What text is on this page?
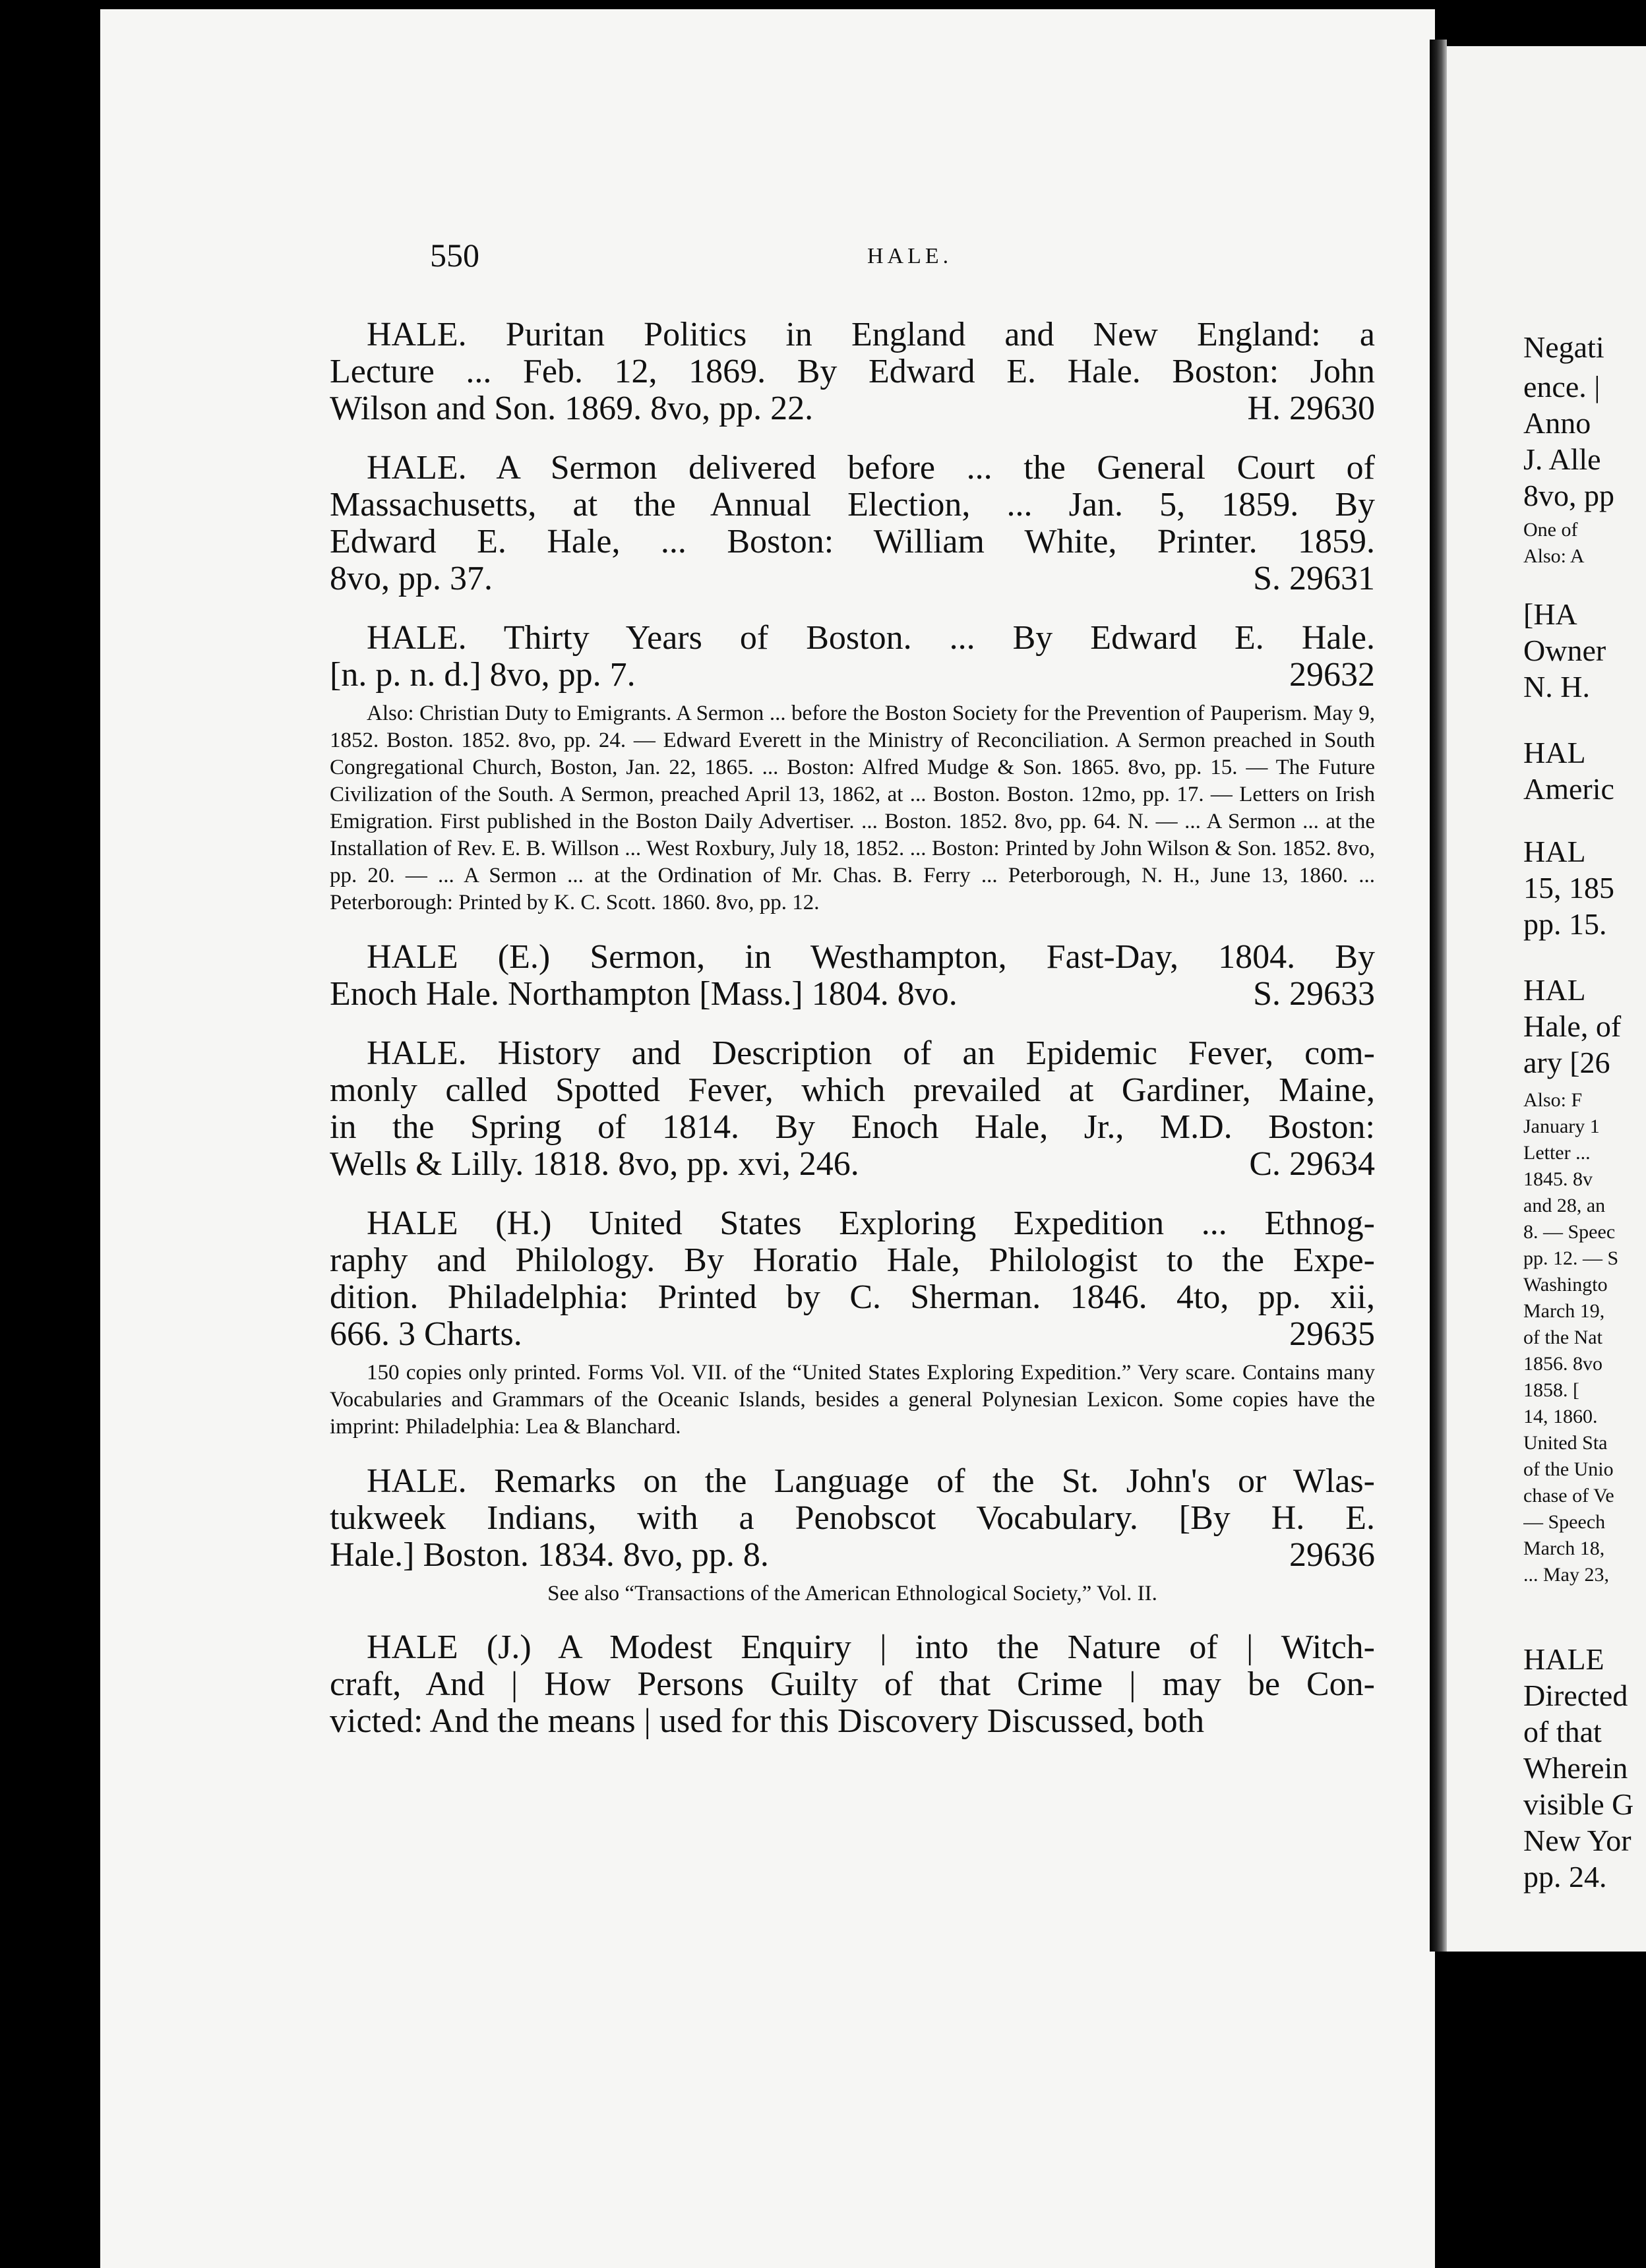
550	HALE.
HALE. Puritan Politics in England and New England: a
Lecture ... Feb. 12, 1869. By Edward E. Hale. Boston: John
Wilson and Son. 1869. 8vo, pp. 22.	H. 29630
HALE. A Sermon delivered before ... the General Court of
Massachusetts, at the Annual Election, ... Jan. 5, 1859. By
Edward E. Hale, ... Boston: William White, Printer. 1859.
8vo, pp. 37.	S. 29631
HALE. Thirty Years of Boston. ... By Edward E. Hale.
[n. p. n. d.] 8vo, pp. 7.	29632
Also: Christian Duty to Emigrants. A Sermon ... before the Boston Society for the Prevention of Pauperism. May 9, 1852. Boston. 1852. 8vo, pp. 24. — Edward Everett in the Ministry of Reconciliation. A Sermon preached in South Congregational Church, Boston, Jan. 22, 1865. ... Boston: Alfred Mudge & Son. 1865. 8vo, pp. 15. — The Future Civilization of the South. A Sermon, preached April 13, 1862, at ... Boston. Boston. 12mo, pp. 17. — Letters on Irish Emigration. First published in the Boston Daily Advertiser. ... Boston. 1852. 8vo, pp. 64. N. — ... A Sermon ... at the Installation of Rev. E. B. Willson ... West Roxbury, July 18, 1852. ... Boston: Printed by John Wilson & Son. 1852. 8vo, pp. 20. — ... A Sermon ... at the Ordination of Mr. Chas. B. Ferry ... Peterborough, N. H., June 13, 1860. ... Peterborough: Printed by K. C. Scott. 1860. 8vo, pp. 12.
HALE (E.) Sermon, in Westhampton, Fast-Day, 1804. By
Enoch Hale. Northampton [Mass.] 1804. 8vo.	S. 29633
HALE. History and Description of an Epidemic Fever, com-
monly called Spotted Fever, which prevailed at Gardiner, Maine,
in the Spring of 1814. By Enoch Hale, Jr., M.D. Boston:
Wells & Lilly. 1818. 8vo, pp. xvi, 246.	C. 29634
HALE (H.) United States Exploring Expedition ... Ethnog-
raphy and Philology. By Horatio Hale, Philologist to the Expe-
dition. Philadelphia: Printed by C. Sherman. 1846. 4to, pp. xii,
666. 3 Charts.	29635
150 copies only printed. Forms Vol. VII. of the “United States Exploring Expedition.” Very scare. Contains many Vocabularies and Grammars of the Oceanic Islands, besides a general Polynesian Lexicon. Some copies have the imprint: Philadelphia: Lea & Blanchard.
HALE. Remarks on the Language of the St. John's or Wlas-
tukweek Indians, with a Penobscot Vocabulary. [By H. E.
Hale.] Boston. 1834. 8vo, pp. 8.	29636
See also “Transactions of the American Ethnological Society,” Vol. II.
HALE (J.) A Modest Enquiry | into the Nature of | Witch-
craft, And | How Persons Guilty of that Crime | may be Con-
victed: And the means | used for this Discovery Discussed, both
Negati
ence. |
Anno
J. Alle
8vo, pp
One of
Also: A
[HA
Owner
N. H.
HAL
Americ
HAL
15, 185
pp. 15.
HAL
Hale, of
ary [26
Also: F
January 1
Letter ...
1845. 8v
and 28, an
8. — Speec
pp. 12. — S
Washingto
March 19,
of the Nat
1856. 8vo
1858. [
14, 1860.
United Sta
of the Unio
chase of Ve
— Speech
March 18,
... May 23,
HALE
Directed
of that
Wherein
visible G
New Yor
pp. 24.
